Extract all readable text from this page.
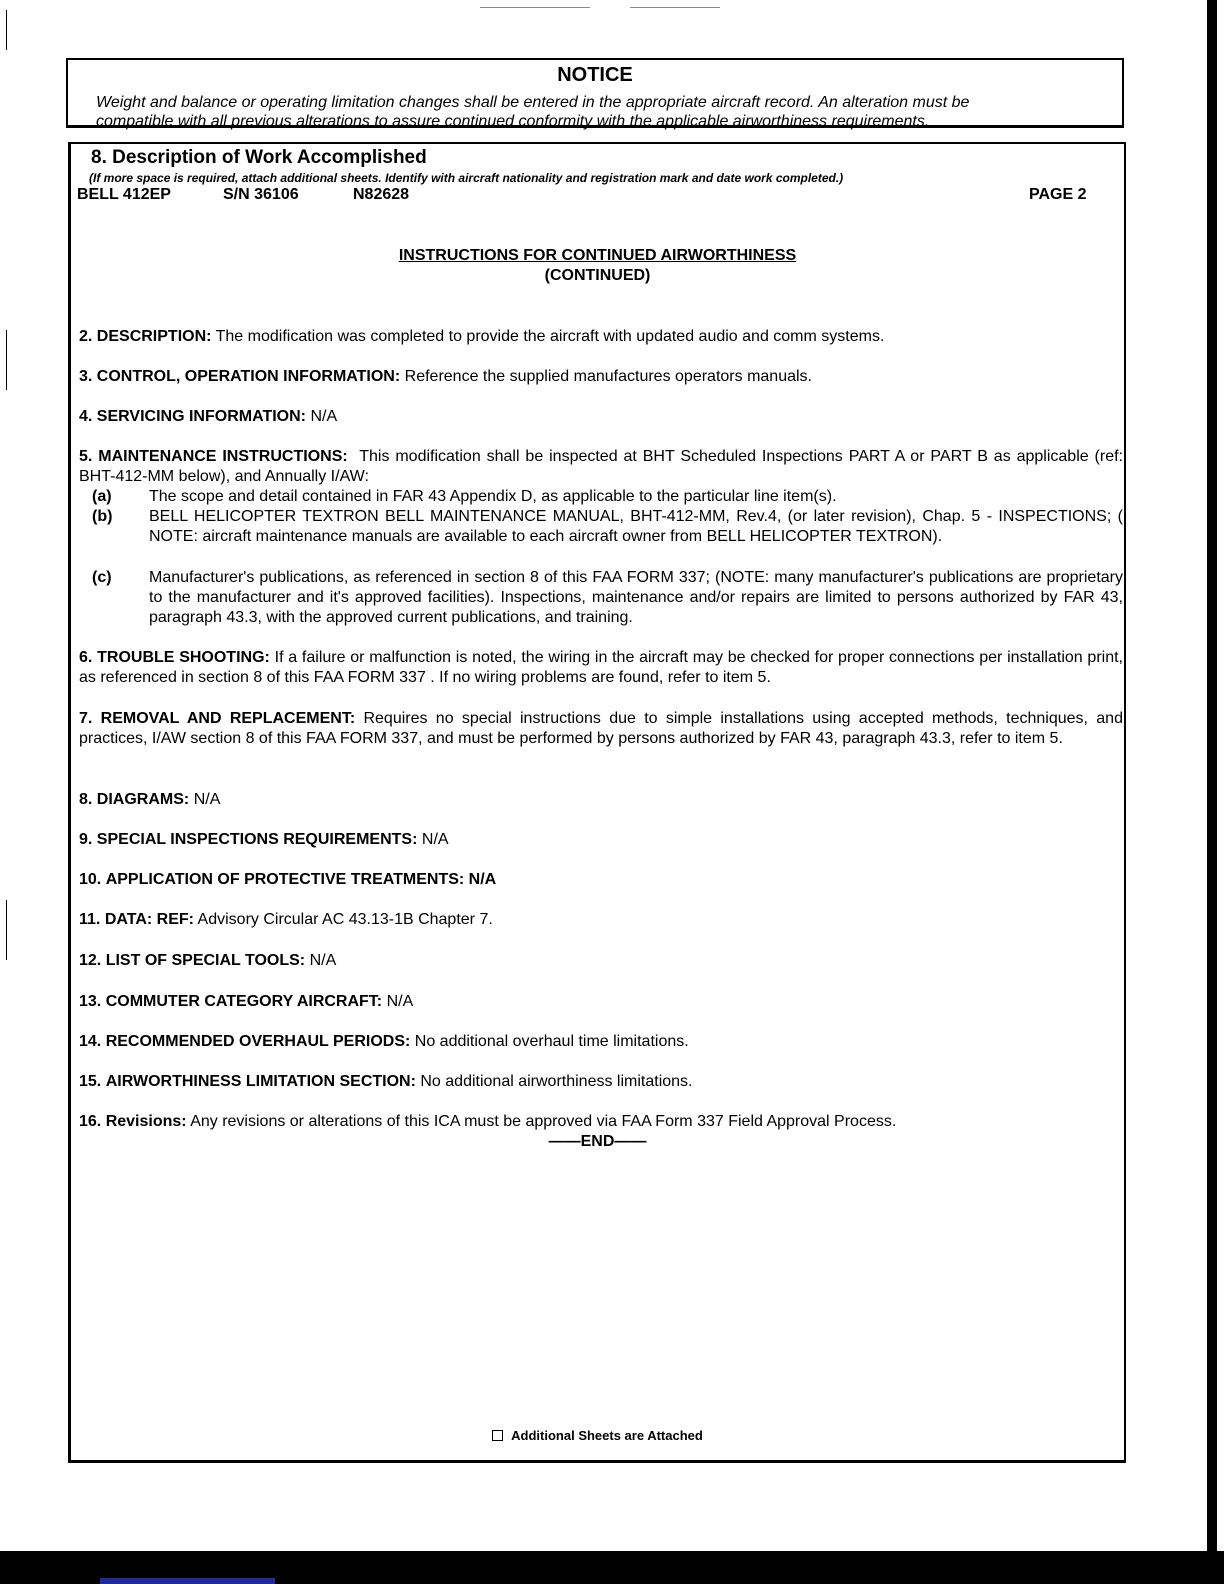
NOTICE
Weight and balance or operating limitation changes shall be entered in the appropriate aircraft record. An alteration must be
compatible with all previous alterations to assure continued conformity with the applicable airworthiness requirements.
8. Description of Work Accomplished
(If more space is required, attach additional sheets. Identify with aircraft nationality and registration mark and date work completed.)
BELL 412EP	S/N 36106	N82628	PAGE 2
INSTRUCTIONS FOR CONTINUED AIRWORTHINESS
(CONTINUED)
2. DESCRIPTION: The modification was completed to provide the aircraft with updated audio and comm systems.
3. CONTROL, OPERATION INFORMATION: Reference the supplied manufactures operators manuals.
4. SERVICING INFORMATION: N/A
5. MAINTENANCE INSTRUCTIONS: This modification shall be inspected at BHT Scheduled Inspections PART A or PART B as applicable (ref: BHT-412-MM below), and Annually I/AW:
(a) The scope and detail contained in FAR 43 Appendix D, as applicable to the particular line item(s).
(b) BELL HELICOPTER TEXTRON BELL MAINTENANCE MANUAL, BHT-412-MM, Rev.4, (or later revision), Chap. 5 - INSPECTIONS; ( NOTE: aircraft maintenance manuals are available to each aircraft owner from BELL HELICOPTER TEXTRON).
(c) Manufacturer's publications, as referenced in section 8 of this FAA FORM 337; (NOTE: many manufacturer's publications are proprietary to the manufacturer and it's approved facilities). Inspections, maintenance and/or repairs are limited to persons authorized by FAR 43, paragraph 43.3, with the approved current publications, and training.
6. TROUBLE SHOOTING: If a failure or malfunction is noted, the wiring in the aircraft may be checked for proper connections per installation print, as referenced in section 8 of this FAA FORM 337 . If no wiring problems are found, refer to item 5.
7. REMOVAL AND REPLACEMENT: Requires no special instructions due to simple installations using accepted methods, techniques, and practices, I/AW section 8 of this FAA FORM 337, and must be performed by persons authorized by FAR 43, paragraph 43.3, refer to item 5.
8. DIAGRAMS: N/A
9. SPECIAL INSPECTIONS REQUIREMENTS: N/A
10. APPLICATION OF PROTECTIVE TREATMENTS: N/A
11. DATA: REF: Advisory Circular AC 43.13-1B Chapter 7.
12. LIST OF SPECIAL TOOLS: N/A
13. COMMUTER CATEGORY AIRCRAFT: N/A
14. RECOMMENDED OVERHAUL PERIODS: No additional overhaul time limitations.
15. AIRWORTHINESS LIMITATION SECTION: No additional airworthiness limitations.
16. Revisions: Any revisions or alterations of this ICA must be approved via FAA Form 337 Field Approval Process.
——END——
Additional Sheets are Attached
